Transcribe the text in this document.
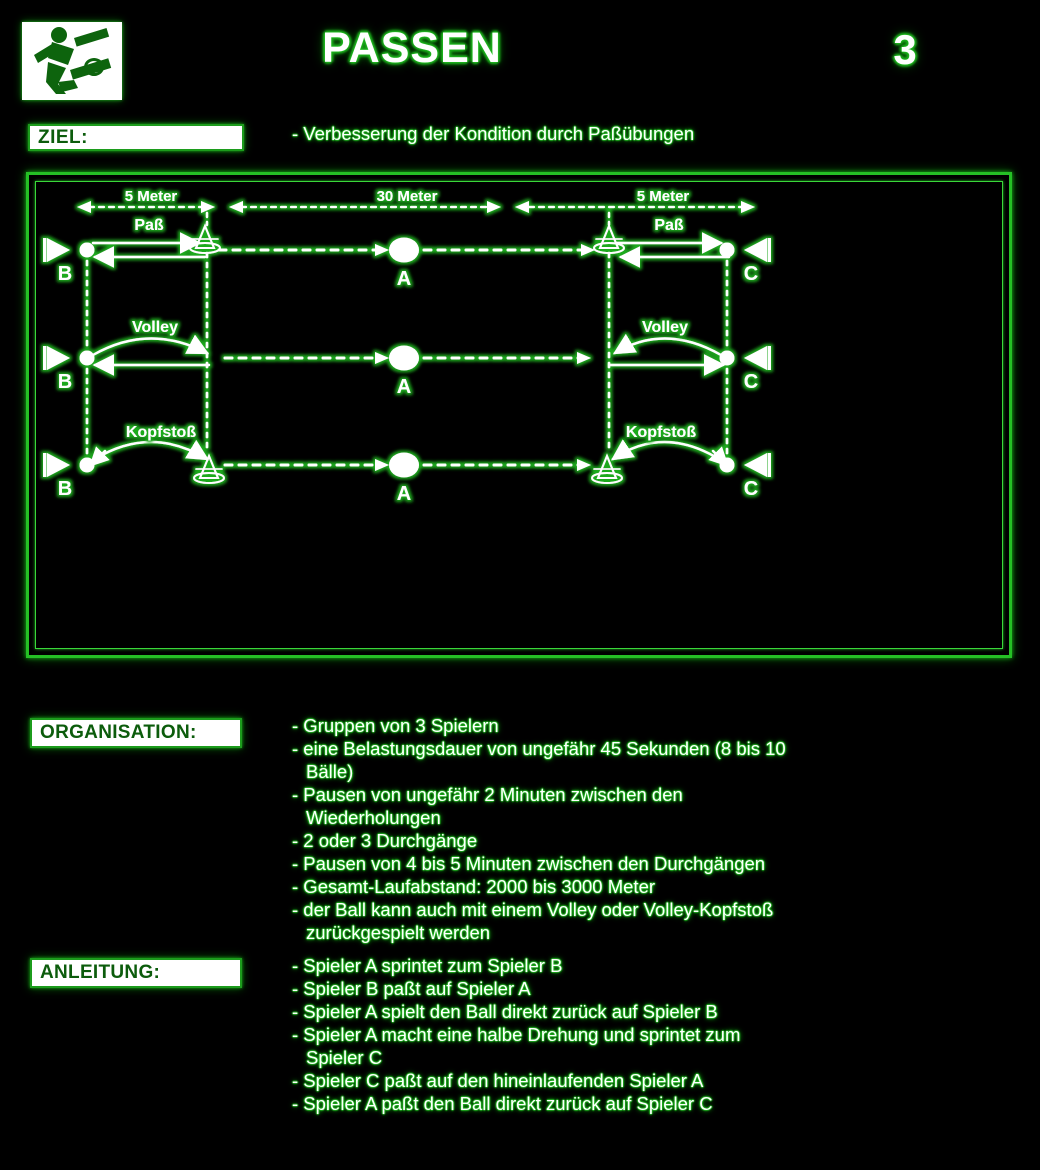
PASSEN	3
ZIEL:	- Verbesserung der Kondition durch Paßübungen
5 Meter	30 Meter	5 Meter
Paß	Paß
Volley	Volley
Kopfstoß	Kopfstoß
B
B
B
A
A
A
C
C
C
ORGANISATION:	- Gruppen von 3 Spielern
- eine Belastungsdauer von ungefähr 45 Sekunden (8 bis 10
Bälle)
- Pausen von ungefähr 2 Minuten zwischen den
Wiederholungen
- 2 oder 3 Durchgänge
- Pausen von 4 bis 5 Minuten zwischen den Durchgängen
- Gesamt-Laufabstand: 2000 bis 3000 Meter
- der Ball kann auch mit einem Volley oder Volley-Kopfstoß
zurückgespielt werden
ANLEITUNG:	- Spieler A sprintet zum Spieler B
- Spieler B paßt auf Spieler A
- Spieler A spielt den Ball direkt zurück auf Spieler B
- Spieler A macht eine halbe Drehung und sprintet zum
Spieler C
- Spieler C paßt auf den hineinlaufenden Spieler A
- Spieler A paßt den Ball direkt zurück auf Spieler C
